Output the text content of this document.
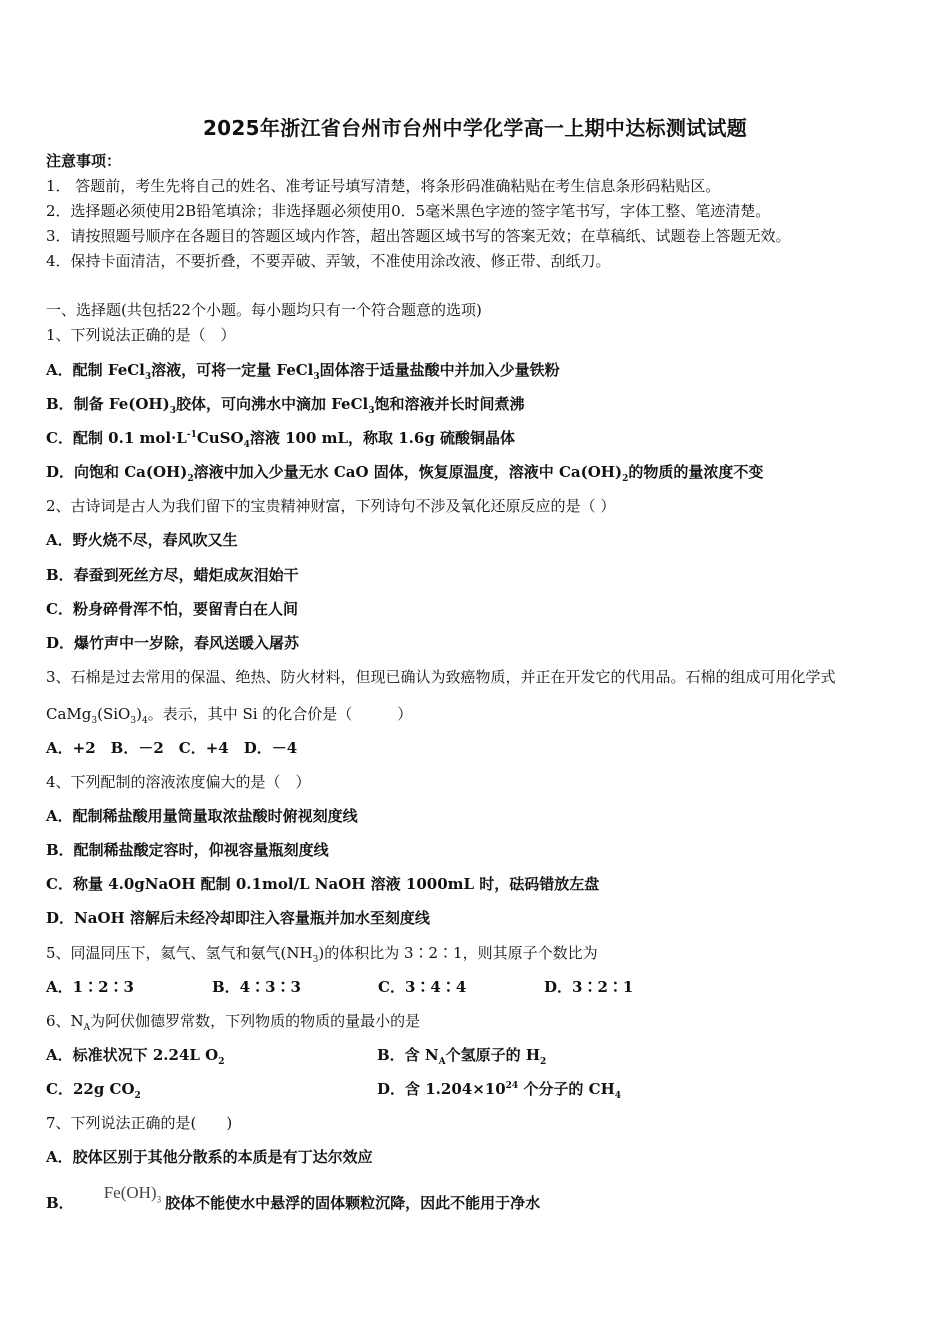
2025年浙江省台州市台州中学化学高一上期中达标测试试题
注意事项：
1． 答题前，考生先将自己的姓名、准考证号填写清楚，将条形码准确粘贴在考生信息条形码粘贴区。
2．选择题必须使用2B铅笔填涂；非选择题必须使用0．5毫米黑色字迹的签字笔书写，字体工整、笔迹清楚。
3．请按照题号顺序在各题目的答题区域内作答，超出答题区域书写的答案无效；在草稿纸、试题卷上答题无效。
4．保持卡面清洁，不要折叠，不要弄破、弄皱，不准使用涂改液、修正带、刮纸刀。
一、选择题(共包括22个小题。每小题均只有一个符合题意的选项)
1、下列说法正确的是（　）
A．配制 FeCl$_3$溶液，可将一定量 FeCl$_3$固体溶于适量盐酸中并加入少量铁粉
B．制备 $Fe(OH)_3$胶体，可向沸水中滴加 FeCl$_3$饱和溶液并长时间煮沸
C．配制 0.1 $mol\cdot L^{-1}CuSO_4$溶液 100 mL，称取 1.6g 硫酸铜晶体
D．向饱和 $Ca(OH)_2$溶液中加入少量无水 CaO 固体，恢复原温度，溶液中 $Ca(OH)_2$的物质的量浓度不变
2、古诗词是古人为我们留下的宝贵精神财富，下列诗句不涉及氧化还原反应的是（ ）
A．野火烧不尽，春风吹又生
B．春蚕到死丝方尽，蜡炬成灰泪始干
C．粉身碎骨浑不怕，要留青白在人间
D．爆竹声中一岁除，春风送暖入屠苏
3、石棉是过去常用的保温、绝热、防火材料，但现已确认为致癌物质，并正在开发它的代用品。石棉的组成可用化学式
$CaMg_3(SiO_3)_4$。表示，其中 Si 的化合价是（　　　）
A．+2　B．－2　C．+4　D．－4
4、下列配制的溶液浓度偏大的是（　）
A．配制稀盐酸用量筒量取浓盐酸时俯视刻度线
B．配制稀盐酸定容时，仰视容量瓶刻度线
C．称量 4.0gNaOH 配制 0.1mol/L NaOH 溶液 1000mL 时，砝码错放左盘
D．NaOH 溶解后未经冷却即注入容量瓶并加水至刻度线
5、同温同压下，氦气、氢气和氨气$(NH_3)$的体积比为 3∶2∶1，则其原子个数比为
A．1∶2∶3	B．4∶3∶3	C．3∶4∶4	D．3∶2∶1
6、$N_A$为阿伏伽德罗常数，下列物质的物质的量最小的是
A．标准状况下 2.24L $O_2$	B．含 $N_A$个氢原子的 $H_2$
C．22g $CO_2$	D．含 $1.204\times 10^{24}$ 个分子的 $CH_4$
7、下列说法正确的是(　　)
A．胶体区别于其他分散系的本质是有丁达尔效应
B．$Fe(OH)_3$ 胶体不能使水中悬浮的固体颗粒沉降，因此不能用于净水
